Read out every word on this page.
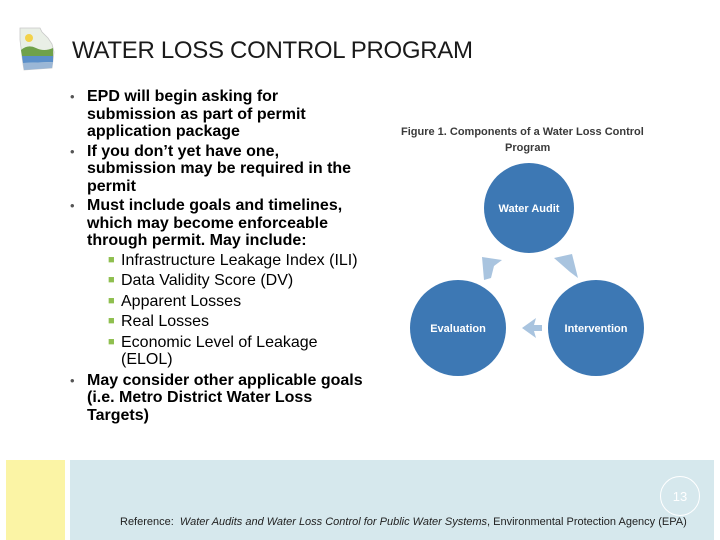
WATER LOSS CONTROL PROGRAM
• EPD will begin asking for submission as part of permit application package
• If you don’t yet have one, submission may be required in the permit
• Must include goals and timelines, which may become enforceable through permit. May include:
■ Infrastructure Leakage Index (ILI)
■ Data Validity Score (DV)
■ Apparent Losses
■ Real Losses
■ Economic Level of Leakage (ELOL)
• May consider other applicable goals (i.e. Metro District Water Loss Targets)
Figure 1. Components of a Water Loss Control
Program
Water Audit
Evaluation	Intervention
13
Reference:  Water Audits and Water Loss Control for Public Water Systems, Environmental Protection Agency (EPA)
